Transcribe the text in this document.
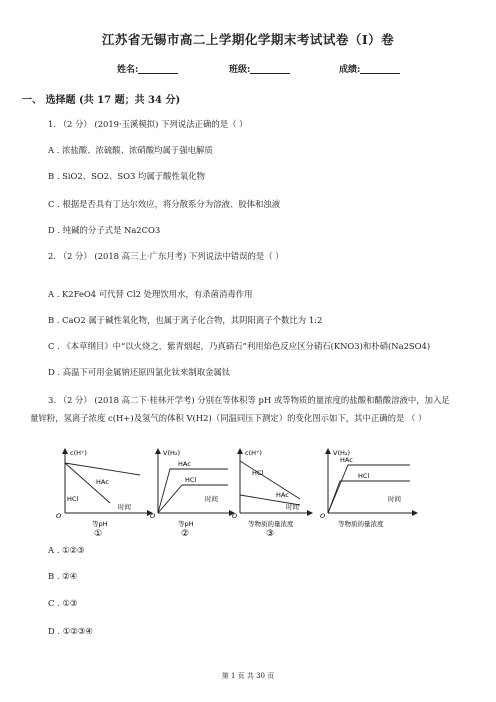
江苏省无锡市高二上学期化学期末考试试卷（I）卷
姓名:	班级:	成绩:
一、 选择题 (共 17 题；共 34 分)
1. （2 分） (2019·玉溪模拟) 下列说法正确的是（ ）
A . 浓盐酸、浓硫酸、浓硝酸均属于强电解质
B . SiO2、SO2、SO3 均属于酸性氧化物
C . 根据是否具有丁达尔效应，将分散系分为溶液、胶体和浊液
D . 纯碱的分子式是 Na2CO3
2. （2 分） (2018 高三上·广东月考) 下列说法中错误的是（ ）
A . K2FeO4 可代替 Cl2 处理饮用水，有杀菌消毒作用
B . CaO2 属于碱性氧化物，也属于离子化合物，其阴阳离子个数比为 1:2
C . 《本草纲目》中“以火烧之，紫青烟起，乃真硝石”利用焰色反应区分硝石(KNO3)和朴硝(Na2SO4)
D . 高温下可用金属钠还原四氯化钛来制取金属钛
3. （2 分） (2018 高二下·桂林开学考) 分别在等体积等 pH 或等物质的量浓度的盐酸和醋酸溶液中，加入足
量锌粉，氢离子浓度 c(H+)及氢气的体积 V(H2)（同温同压下测定）的变化图示如下，其中正确的是 （ ）
c(H⁺)
HAc
HCl
时间
O
等pH
①
V(H₂)
HAc
HCl
时间
O
等pH
②
c(H⁺)
HCl
HAc
时间
O
等物质的量浓度
③
V(H₂)
HAc
HCl
时间
O
等物质的量浓度
A . ①②③
B . ②④
C . ①③
D . ①②③④
第 1 页 共 30 页
